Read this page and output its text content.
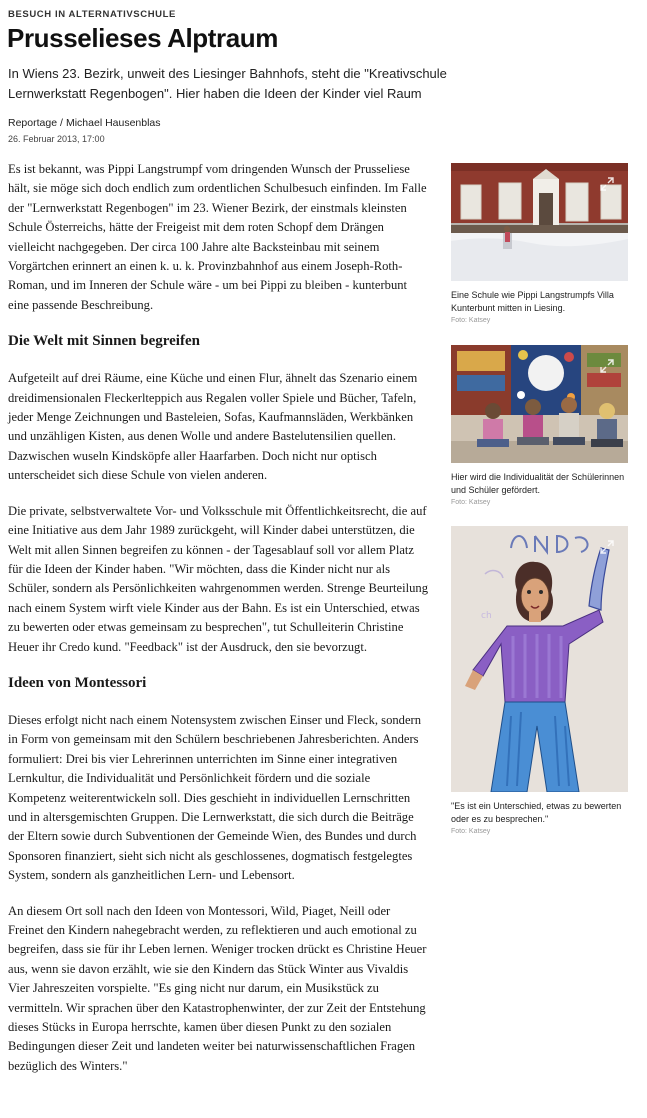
BESUCH IN ALTERNATIVSCHULE
Prusselieses Alptraum

In Wiens 23. Bezirk, unweit des Liesinger Bahnhofs, steht die "Kreativschule Lernwerkstatt Regenbogen". Hier haben die Ideen der Kinder viel Raum

Reportage / Michael Hausenblas
26. Februar 2013, 17:00

Es ist bekannt, was Pippi Langstrumpf vom dringenden Wunsch der Prusseliese hält, sie möge sich doch endlich zum ordentlichen Schulbesuch einfinden. Im Falle der "Lernwerkstatt Regenbogen" im 23. Wiener Bezirk, der einstmals kleinsten Schule Österreichs, hätte der Freigeist mit dem roten Schopf dem Drängen vielleicht nachgegeben. Der circa 100 Jahre alte Backsteinbau mit seinem Vorgärtchen erinnert an einen k. u. k. Provinzbahnhof aus einem Joseph-Roth-Roman, und im Inneren der Schule wäre - um bei Pippi zu bleiben - kunterbunt eine passende Beschreibung.

Die Welt mit Sinnen begreifen

Aufgeteilt auf drei Räume, eine Küche und einen Flur, ähnelt das Szenario einem dreidimensionalen Fleckerlteppich aus Regalen voller Spiele und Bücher, Tafeln, jeder Menge Zeichnungen und Basteleien, Sofas, Kaufmannsläden, Werkbänken und unzähligen Kisten, aus denen Wolle und andere Bastelutensilien quellen. Dazwischen wuseln Kindsköpfe aller Haarfarben. Doch nicht nur optisch unterscheidet sich diese Schule von vielen anderen.

Die private, selbstverwaltete Vor- und Volksschule mit Öffentlichkeitsrecht, die auf eine Initiative aus dem Jahr 1989 zurückgeht, will Kinder dabei unterstützen, die Welt mit allen Sinnen begreifen zu können - der Tagesablauf soll vor allem Platz für die Ideen der Kinder haben. "Wir möchten, dass die Kinder nicht nur als Schüler, sondern als Persönlichkeiten wahrgenommen werden. Strenge Beurteilung nach einem System wirft viele Kinder aus der Bahn. Es ist ein Unterschied, etwas zu bewerten oder etwas gemeinsam zu besprechen", tut Schulleiterin Christine Heuer ihr Credo kund. "Feedback" ist der Ausdruck, den sie bevorzugt.

Ideen von Montessori

Dieses erfolgt nicht nach einem Notensystem zwischen Einser und Fleck, sondern in Form von gemeinsam mit den Schülern beschriebenen Jahresberichten. Anders formuliert: Drei bis vier Lehrerinnen unterrichten im Sinne einer integrativen Lernkultur, die Individualität und Persönlichkeit fördern und die soziale Kompetenz weiterentwickeln soll. Dies geschieht in individuellen Lernschritten und in altersgemischten Gruppen. Die Lernwerkstatt, die sich durch die Beiträge der Eltern sowie durch Subventionen der Gemeinde Wien, des Bundes und durch Sponsoren finanziert, sieht sich nicht als geschlossenes, dogmatisch festgelegtes System, sondern als ganzheitlichen Lern- und Lebensort.

An diesem Ort soll nach den Ideen von Montessori, Wild, Piaget, Neill oder Freinet den Kindern nahegebracht werden, zu reflektieren und auch emotional zu begreifen, dass sie für ihr Leben lernen. Weniger trocken drückt es Christine Heuer aus, wenn sie davon erzählt, wie sie den Kindern das Stück Winter aus Vivaldis Vier Jahreszeiten vorspielte. "Es ging nicht nur darum, ein Musikstück zu vermitteln. Wir sprachen über den Katastrophenwinter, der zur Zeit der Entstehung dieses Stücks in Europa herrschte, kamen über diesen Punkt zu den sozialen Bedingungen dieser Zeit und landeten weiter bei naturwissenschaftlichen Fragen bezüglich des Winters."

Eine Schule wie Pippi Langstrumpfs Villa Kunterbunt mitten in Liesing.
Foto: Katsey
Hier wird die Individualität der Schülerinnen und Schüler gefördert.
Foto: Katsey
ch
"Es ist ein Unterschied, etwas zu bewerten oder es zu besprechen."
Foto: Katsey
